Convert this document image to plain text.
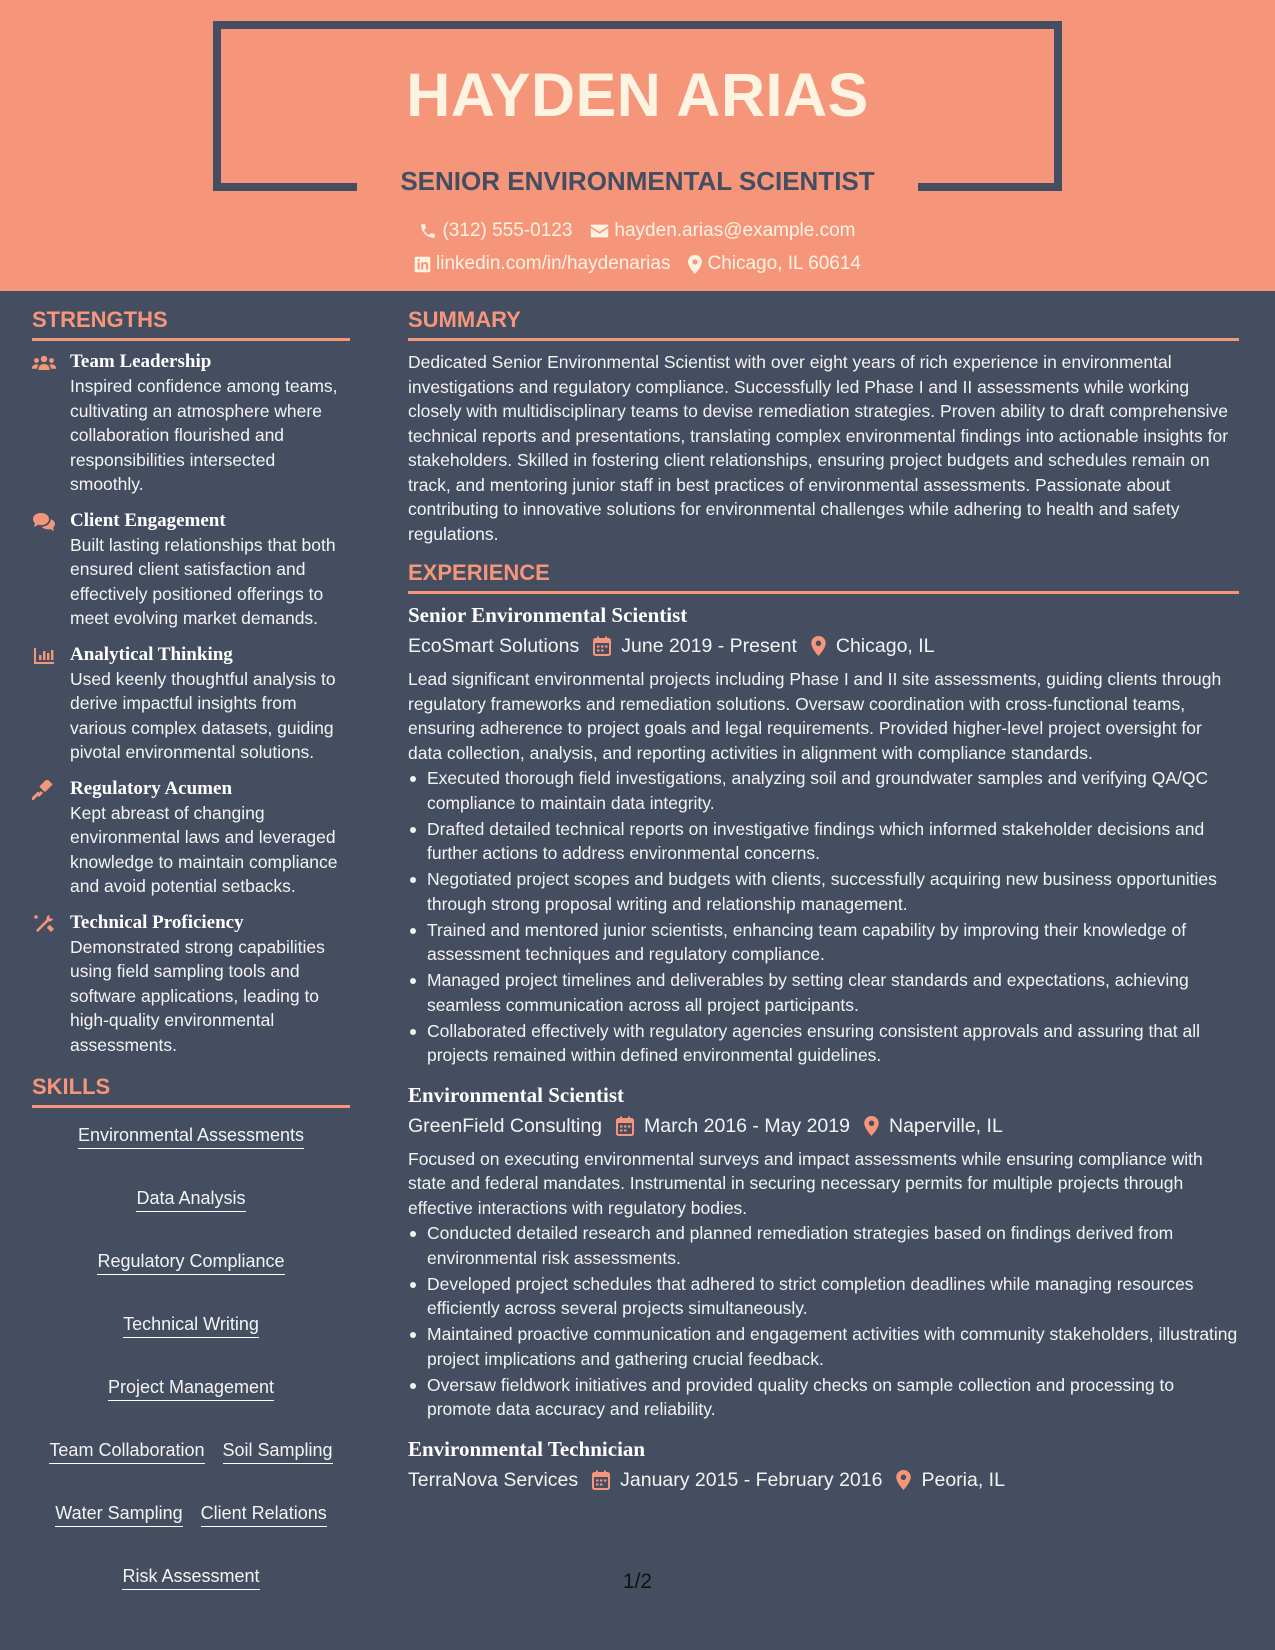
HAYDEN ARIAS
SENIOR ENVIRONMENTAL SCIENTIST
(312) 555-0123 hayden.arias@example.com
linkedin.com/in/haydenarias Chicago, IL 60614
STRENGTHS
Team Leadership
Inspired confidence among teams, cultivating an atmosphere where collaboration flourished and responsibilities intersected smoothly.
Client Engagement
Built lasting relationships that both ensured client satisfaction and effectively positioned offerings to meet evolving market demands.
Analytical Thinking
Used keenly thoughtful analysis to derive impactful insights from various complex datasets, guiding pivotal environmental solutions.
Regulatory Acumen
Kept abreast of changing environmental laws and leveraged knowledge to maintain compliance and avoid potential setbacks.
Technical Proficiency
Demonstrated strong capabilities using field sampling tools and software applications, leading to high-quality environmental assessments.
SKILLS
Environmental Assessments
Data Analysis
Regulatory Compliance
Technical Writing
Project Management
Team Collaboration Soil Sampling
Water Sampling Client Relations
Risk Assessment
SUMMARY
Dedicated Senior Environmental Scientist with over eight years of rich experience in environmental investigations and regulatory compliance. Successfully led Phase I and II assessments while working closely with multidisciplinary teams to devise remediation strategies. Proven ability to draft comprehensive technical reports and presentations, translating complex environmental findings into actionable insights for stakeholders. Skilled in fostering client relationships, ensuring project budgets and schedules remain on track, and mentoring junior staff in best practices of environmental assessments. Passionate about contributing to innovative solutions for environmental challenges while adhering to health and safety regulations.
EXPERIENCE
Senior Environmental Scientist
EcoSmart Solutions June 2019 - Present Chicago, IL
Lead significant environmental projects including Phase I and II site assessments, guiding clients through regulatory frameworks and remediation solutions. Oversaw coordination with cross-functional teams, ensuring adherence to project goals and legal requirements. Provided higher-level project oversight for data collection, analysis, and reporting activities in alignment with compliance standards.
Executed thorough field investigations, analyzing soil and groundwater samples and verifying QA/QC compliance to maintain data integrity.
Drafted detailed technical reports on investigative findings which informed stakeholder decisions and further actions to address environmental concerns.
Negotiated project scopes and budgets with clients, successfully acquiring new business opportunities through strong proposal writing and relationship management.
Trained and mentored junior scientists, enhancing team capability by improving their knowledge of assessment techniques and regulatory compliance.
Managed project timelines and deliverables by setting clear standards and expectations, achieving seamless communication across all project participants.
Collaborated effectively with regulatory agencies ensuring consistent approvals and assuring that all projects remained within defined environmental guidelines.
Environmental Scientist
GreenField Consulting March 2016 - May 2019 Naperville, IL
Focused on executing environmental surveys and impact assessments while ensuring compliance with state and federal mandates. Instrumental in securing necessary permits for multiple projects through effective interactions with regulatory bodies.
Conducted detailed research and planned remediation strategies based on findings derived from environmental risk assessments.
Developed project schedules that adhered to strict completion deadlines while managing resources efficiently across several projects simultaneously.
Maintained proactive communication and engagement activities with community stakeholders, illustrating project implications and gathering crucial feedback.
Oversaw fieldwork initiatives and provided quality checks on sample collection and processing to promote data accuracy and reliability.
Environmental Technician
TerraNova Services January 2015 - February 2016 Peoria, IL
1/2
